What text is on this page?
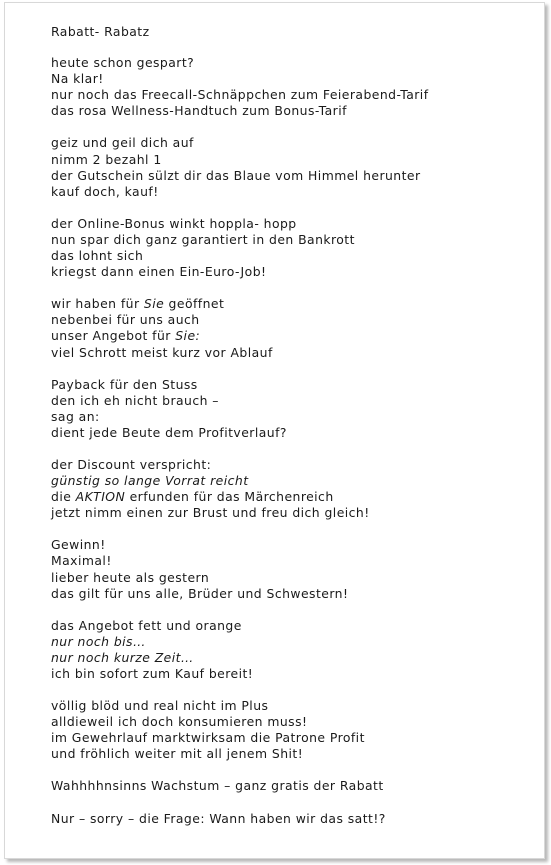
Rabatt- Rabatz
heute schon gespart?
Na klar!
nur noch das Freecall-Schnäppchen zum Feierabend-Tarif
das rosa Wellness-Handtuch zum Bonus-Tarif
geiz und geil dich auf
nimm 2 bezahl 1
der Gutschein sülzt dir das Blaue vom Himmel herunter
kauf doch, kauf!
der Online-Bonus winkt hoppla- hopp
nun spar dich ganz garantiert in den Bankrott
das lohnt sich
kriegst dann einen Ein-Euro-Job!
wir haben für Sie geöffnet
nebenbei für uns auch
unser Angebot für Sie:
viel Schrott meist kurz vor Ablauf
Payback für den Stuss
den ich eh nicht brauch –
sag an:
dient jede Beute dem Profitverlauf?
der Discount verspricht:
günstig so lange Vorrat reicht
die AKTION erfunden für das Märchenreich
jetzt nimm einen zur Brust und freu dich gleich!
Gewinn!
Maximal!
lieber heute als gestern
das gilt für uns alle, Brüder und Schwestern!
das Angebot fett und orange
nur noch bis…
nur noch kurze Zeit…
ich bin sofort zum Kauf bereit!
völlig blöd und real nicht im Plus
alldieweil ich doch konsumieren muss!
im Gewehrlauf marktwirksam die Patrone Profit
und fröhlich weiter mit all jenem Shit!
Wahhhhnsinns Wachstum – ganz gratis der Rabatt
Nur – sorry – die Frage: Wann haben wir das satt!?
